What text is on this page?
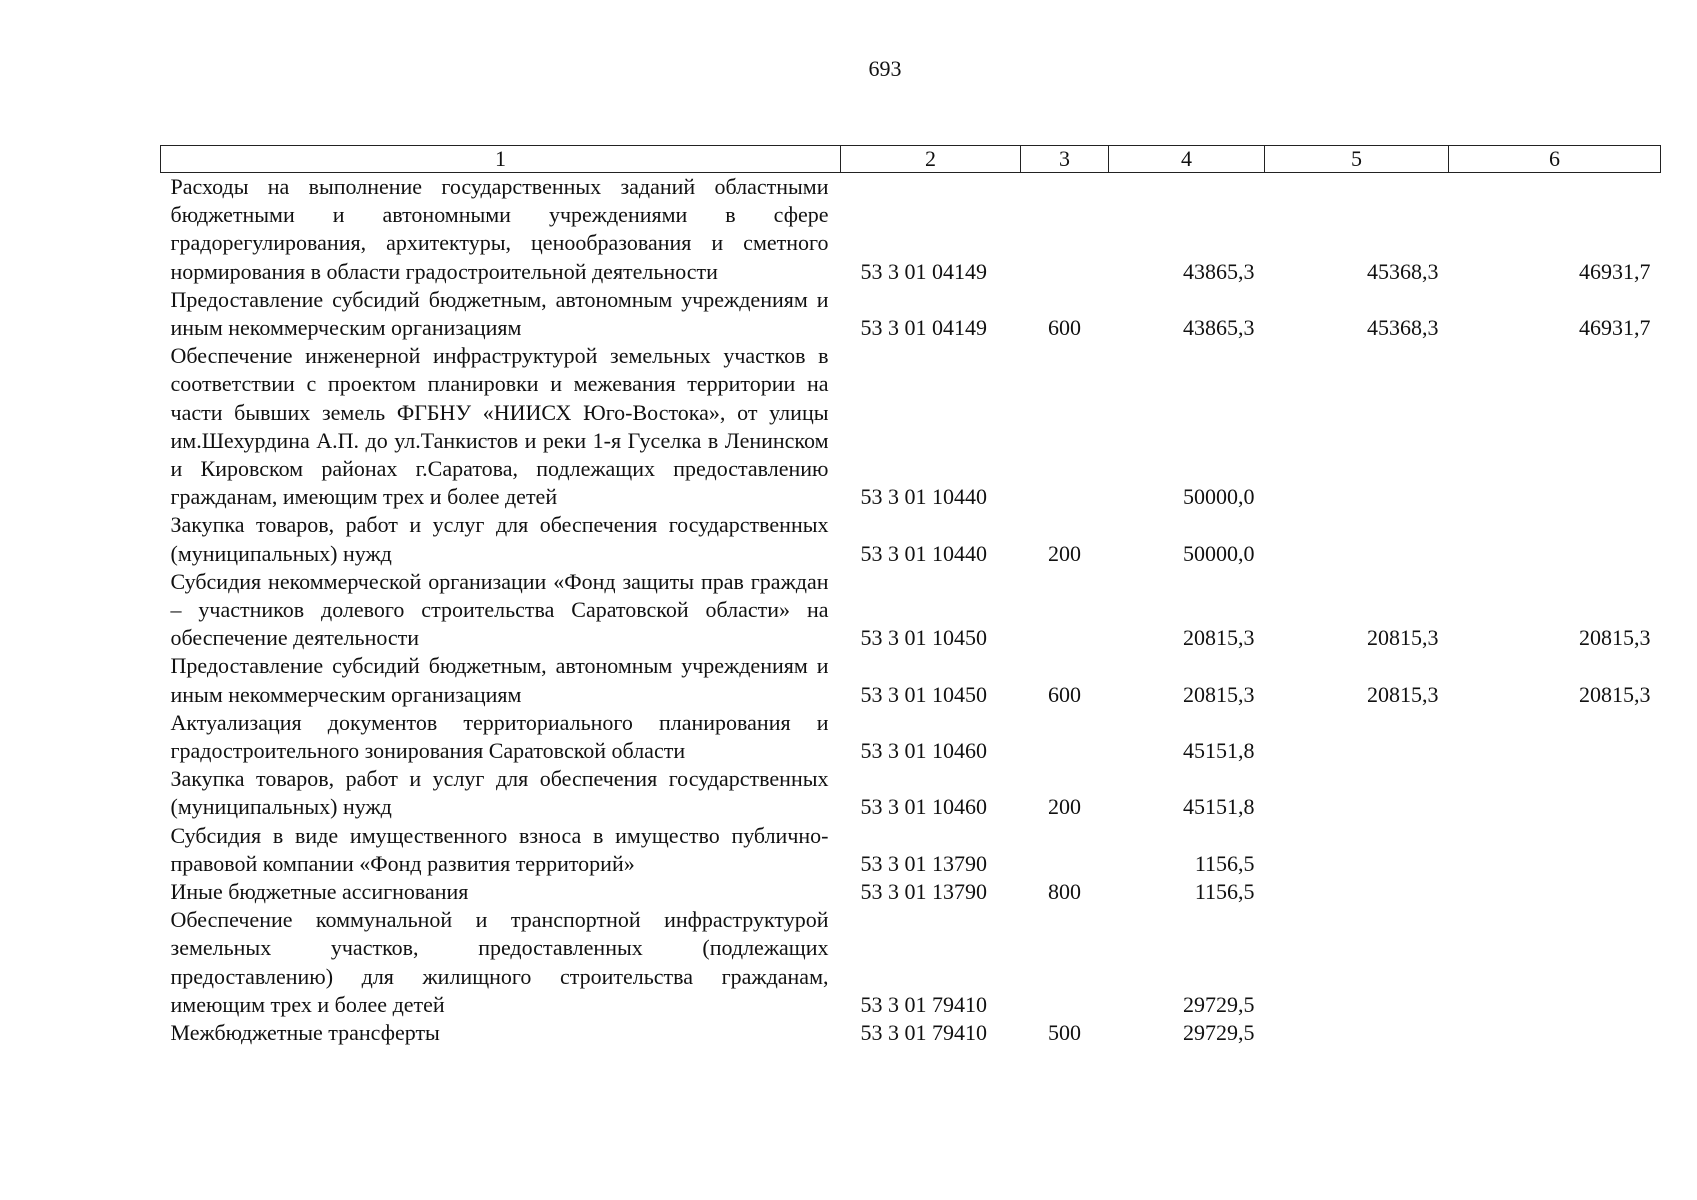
693
1	2	3	4	5	6
Расходы на выполнение государственных заданий областными бюджетными и автономными учреждениями в сфере градорегулирования, архитектуры, ценообразования и сметного нормирования в области градостроительной деятельности	53 3 01 04149		43865,3	45368,3	46931,7
Предоставление субсидий бюджетным, автономным учреждениям и иным некоммерческим организациям	53 3 01 04149	600	43865,3	45368,3	46931,7
Обеспечение инженерной инфраструктурой земельных участков в соответствии с проектом планировки и межевания территории на части бывших земель ФГБНУ «НИИСХ Юго-Востока», от улицы им.Шехурдина А.П. до ул.Танкистов и реки 1-я Гуселка в Ленинском и Кировском районах г.Саратова, подлежащих предоставлению гражданам, имеющим трех и более детей	53 3 01 10440		50000,0		
Закупка товаров, работ и услуг для обеспечения государственных (муниципальных) нужд	53 3 01 10440	200	50000,0		
Субсидия некоммерческой организации «Фонд защиты прав граждан – участников долевого строительства Саратовской области» на обеспечение деятельности	53 3 01 10450		20815,3	20815,3	20815,3
Предоставление субсидий бюджетным, автономным учреждениям и иным некоммерческим организациям	53 3 01 10450	600	20815,3	20815,3	20815,3
Актуализация документов территориального планирования и градостроительного зонирования Саратовской области	53 3 01 10460		45151,8		
Закупка товаров, работ и услуг для обеспечения государственных (муниципальных) нужд	53 3 01 10460	200	45151,8		
Субсидия в виде имущественного взноса в имущество публично-правовой компании «Фонд развития территорий»	53 3 01 13790		1156,5		
Иные бюджетные ассигнования	53 3 01 13790	800	1156,5		
Обеспечение коммунальной и транспортной инфраструктурой земельных участков, предоставленных (подлежащих предоставлению) для жилищного строительства гражданам, имеющим трех и более детей	53 3 01 79410		29729,5		
Межбюджетные трансферты	53 3 01 79410	500	29729,5		
